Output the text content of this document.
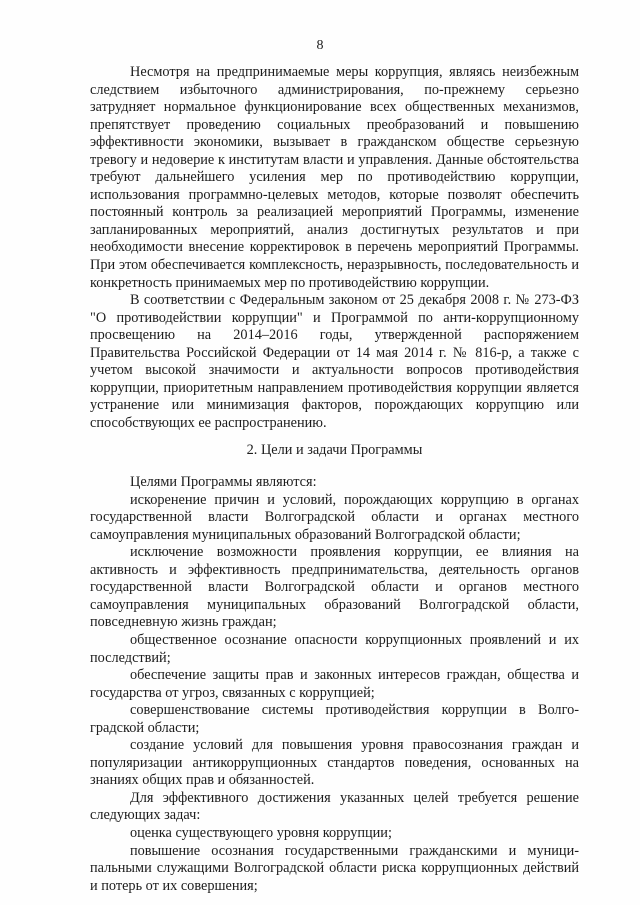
8

Несмотря на предпринимаемые меры коррупция, являясь неизбежным следствием избыточного администрирования, по-прежнему серьезно затрудняет нормальное функционирование всех общественных механизмов, препятствует проведению социальных преобразований и повышению эффективности экономики, вызывает в гражданском обществе серьезную тревогу и недоверие к институтам власти и управления. Данные обстоятельства требуют дальнейшего усиления мер по противодействию коррупции, использования программно-целевых методов, которые позволят обеспечить постоянный контроль за реализацией мероприятий Программы, изменение запланированных мероприятий, анализ достигнутых результатов и при необходимости внесение корректировок в перечень мероприятий Программы. При этом обеспечивается комплексность, неразрывность, последовательность и конкретность принимаемых мер по противодействию коррупции.

В соответствии с Федеральным законом от 25 декабря 2008 г. № 273-ФЗ "О противодействии коррупции" и Программой по анти-коррупционному просвещению на 2014–2016 годы, утвержденной распоряжением Правительства Российской Федерации от 14 мая 2014 г. № 816-р, а также с учетом высокой значимости и актуальности вопросов противодействия коррупции, приоритетным направлением противодействия коррупции является устранение или минимизация факторов, порождающих коррупцию или способствующих ее распространению.

2. Цели и задачи Программы

Целями Программы являются:

искоренение причин и условий, порождающих коррупцию в органах государственной власти Волгоградской области и органах местного самоуправления муниципальных образований Волгоградской области;

исключение возможности проявления коррупции, ее влияния на активность и эффективность предпринимательства, деятельность органов государственной власти Волгоградской области и органов местного самоуправления муниципальных образований Волгоградской области, повседневную жизнь граждан;

общественное осознание опасности коррупционных проявлений и их последствий;

обеспечение защиты прав и законных интересов граждан, общества и государства от угроз, связанных с коррупцией;

совершенствование системы противодействия коррупции в Волго-градской области;

создание условий для повышения уровня правосознания граждан и популяризации антикоррупционных стандартов поведения, основанных на знаниях общих прав и обязанностей.

Для эффективного достижения указанных целей требуется решение следующих задач:

оценка существующего уровня коррупции;

повышение осознания государственными гражданскими и муници-пальными служащими Волгоградской области риска коррупционных действий и потерь от их совершения;
